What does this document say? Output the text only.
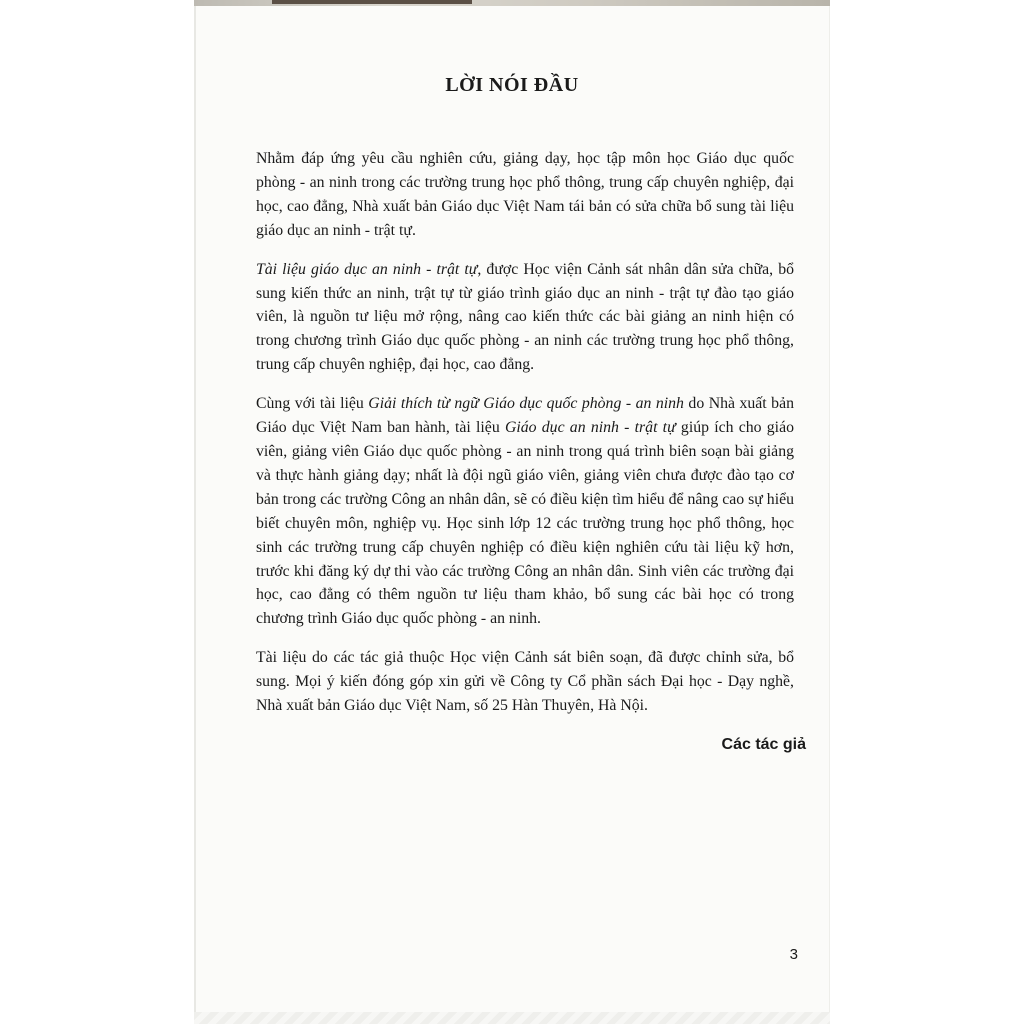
LỜI NÓI ĐẦU

Nhằm đáp ứng yêu cầu nghiên cứu, giảng dạy, học tập môn học Giáo dục quốc phòng - an ninh trong các trường trung học phổ thông, trung cấp chuyên nghiệp, đại học, cao đẳng, Nhà xuất bản Giáo dục Việt Nam tái bản có sửa chữa bổ sung tài liệu giáo dục an ninh - trật tự.

Tài liệu giáo dục an ninh - trật tự, được Học viện Cảnh sát nhân dân sửa chữa, bổ sung kiến thức an ninh, trật tự từ giáo trình giáo dục an ninh - trật tự đào tạo giáo viên, là nguồn tư liệu mở rộng, nâng cao kiến thức các bài giảng an ninh hiện có trong chương trình Giáo dục quốc phòng - an ninh các trường trung học phổ thông, trung cấp chuyên nghiệp, đại học, cao đẳng.

Cùng với tài liệu Giải thích từ ngữ Giáo dục quốc phòng - an ninh do Nhà xuất bản Giáo dục Việt Nam ban hành, tài liệu Giáo dục an ninh - trật tự giúp ích cho giáo viên, giảng viên Giáo dục quốc phòng - an ninh trong quá trình biên soạn bài giảng và thực hành giảng dạy; nhất là đội ngũ giáo viên, giảng viên chưa được đào tạo cơ bản trong các trường Công an nhân dân, sẽ có điều kiện tìm hiểu để nâng cao sự hiểu biết chuyên môn, nghiệp vụ. Học sinh lớp 12 các trường trung học phổ thông, học sinh các trường trung cấp chuyên nghiệp có điều kiện nghiên cứu tài liệu kỹ hơn, trước khi đăng ký dự thi vào các trường Công an nhân dân. Sinh viên các trường đại học, cao đẳng có thêm nguồn tư liệu tham khảo, bổ sung các bài học có trong chương trình Giáo dục quốc phòng - an ninh.

Tài liệu do các tác giả thuộc Học viện Cảnh sát biên soạn, đã được chỉnh sửa, bổ sung. Mọi ý kiến đóng góp xin gửi về Công ty Cổ phần sách Đại học - Dạy nghề, Nhà xuất bản Giáo dục Việt Nam, số 25 Hàn Thuyên, Hà Nội.

Các tác giả
3
